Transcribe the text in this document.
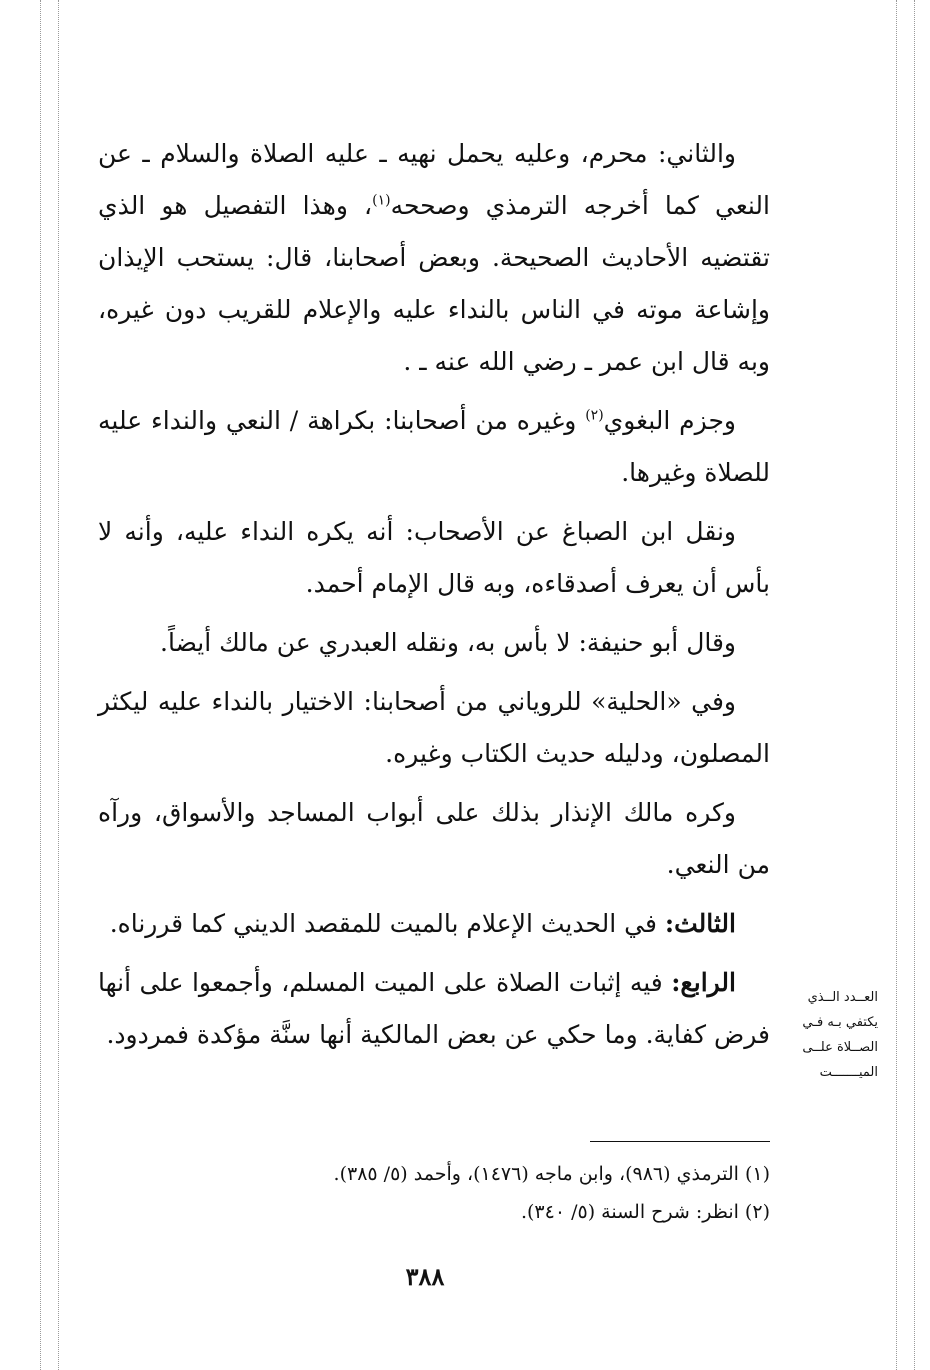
والثاني: محرم، وعليه يحمل نهيه ـ عليه الصلاة والسلام ـ عن النعي كما أخرجه الترمذي وصححه$^{(١)}$، وهذا التفصيل هو الذي تقتضيه الأحاديث الصحيحة. وبعض أصحابنا، قال: يستحب الإيذان وإشاعة موته في الناس بالنداء عليه والإعلام للقريب دون غيره، وبه قال ابن عمر ـ رضي الله عنه ـ .

وجزم البغوي$^{(٢)}$ وغيره من أصحابنا: بكراهة / النعي والنداء عليه للصلاة وغيرها.

ونقل ابن الصباغ عن الأصحاب: أنه يكره النداء عليه، وأنه لا بأس أن يعرف أصدقاءه، وبه قال الإمام أحمد.

وقال أبو حنيفة: لا بأس به، ونقله العبدري عن مالك أيضاً.

وفي «الحلية» للروياني من أصحابنا: الاختيار بالنداء عليه ليكثر المصلون، ودليله حديث الكتاب وغيره.

وكره مالك الإنذار بذلك على أبواب المساجد والأسواق، ورآه من النعي.

الثالث: في الحديث الإعلام بالميت للمقصد الديني كما قررناه.

الرابع: فيه إثبات الصلاة على الميت المسلم، وأجمعوا على أنها فرض كفاية. وما حكي عن بعض المالكية أنها سنَّة مؤكدة فمردود.

العــدد الــذي
يكتفي بـه فـي
الصــلاة علــى
الميـــــــت
(١) الترمذي (٩٨٦)، وابن ماجه (١٤٧٦)، وأحمد (٥/ ٣٨٥).
(٢) انظر: شرح السنة (٥/ ٣٤٠).
٣٨٨
